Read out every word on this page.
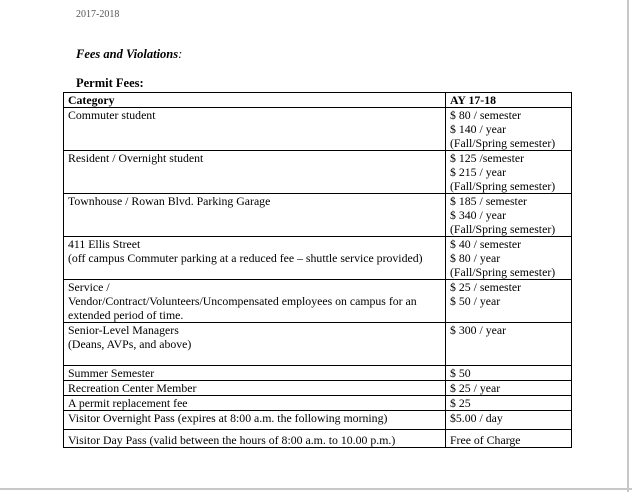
2017-2018
Fees and Violations:
Permit Fees:
Category	AY 17-18

Commuter student	$ 80 / semester
$ 140 / year
(Fall/Spring semester)

Resident / Overnight student	$ 125 /semester
$ 215 / year
(Fall/Spring semester)

Townhouse / Rowan Blvd. Parking Garage	$ 185 / semester
$ 340 / year
(Fall/Spring semester)

411 Ellis Street
(off campus Commuter parking at a reduced fee – shuttle service provided)	$ 40 / semester
$ 80 / year
(Fall/Spring semester)

Service /
Vendor/Contract/Volunteers/Uncompensated employees on campus for an extended period of time.	$ 25 / semester
$ 50 / year

Senior-Level Managers
(Deans, AVPs, and above)	$ 300 / year

Summer Semester	$ 50

Recreation Center Member	$ 25 / year

A permit replacement fee	$ 25

Visitor Overnight Pass (expires at 8:00 a.m. the following morning)	$5.00 / day

Visitor Day Pass (valid between the hours of 8:00 a.m. to 10.00 p.m.)	Free of Charge
